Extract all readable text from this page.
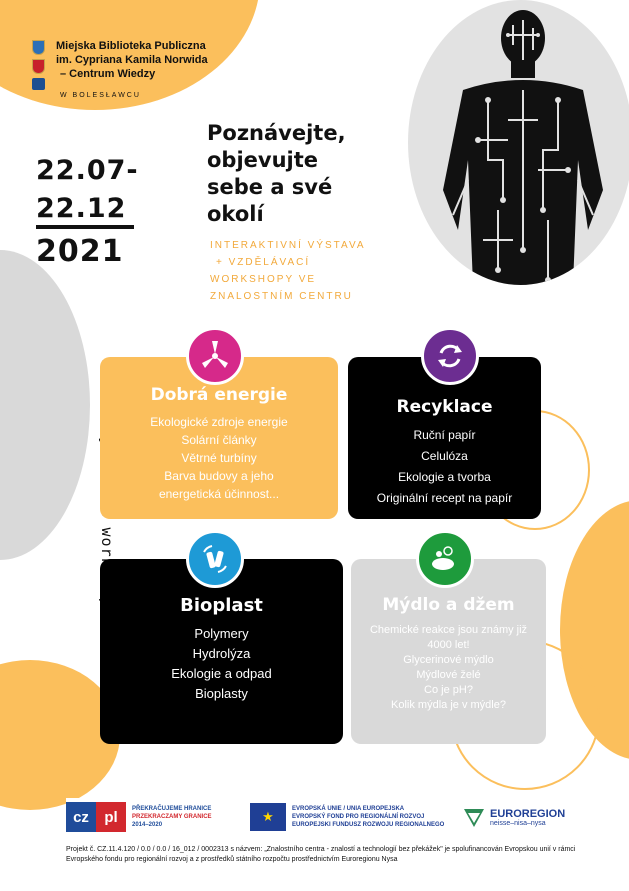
Miejska Biblioteka Publiczna
im. Cypriana Kamila Norwida
– Centrum Wiedzy
W BOLESŁAWCU
22.07-
22.12
2021
Poznávejte,
objevujte
sebe a své
okolí
INTERAKTIVNÍ VÝSTAVA
+ VZDĚLÁVACÍ
WORKSHOPY VE
ZNALOSTNÍM CENTRU
Dobrá energie
Ekologické zdroje energie
Solární články
Větrné turbíny
Barva budovy a jeho
energetická účinnost...
Recyklace
Ruční papír
Celulóza
Ekologie a tvorba
Originální recept na papír
Bioplast
Polymery
Hydrolýza
Ekologie a odpad
Bioplasty
Mýdlo a džem
Chemické reakce jsou známy již
4000 let!
Glycerinové mýdlo
Mýdlové želé
Co je pH?
Kolik mýdla je v mýdle?
cz	pl	PŘEKRAČUJEME HRANICE
PRZEKRACZAMY GRANICE
2014–2020
★	EVROPSKÁ UNIE / UNIA EUROPEJSKA
EVROPSKÝ FOND PRO REGIONÁLNÍ ROZVOJ
EUROPEJSKI FUNDUSZ ROZWOJU REGIONALNEGO
EUROREGION
neisse–nisa–nysa
Projekt č. CZ.11.4.120 / 0.0 / 0.0 / 16_012 / 0002313 s názvem: „Znalostního centra - znalostí a technologií bez překážek" je spolufinancován Evropskou unií v rámci Evropského fondu pro regionální rozvoj a z prostředků státního rozpočtu prostřednictvím Euroregionu Nysa
